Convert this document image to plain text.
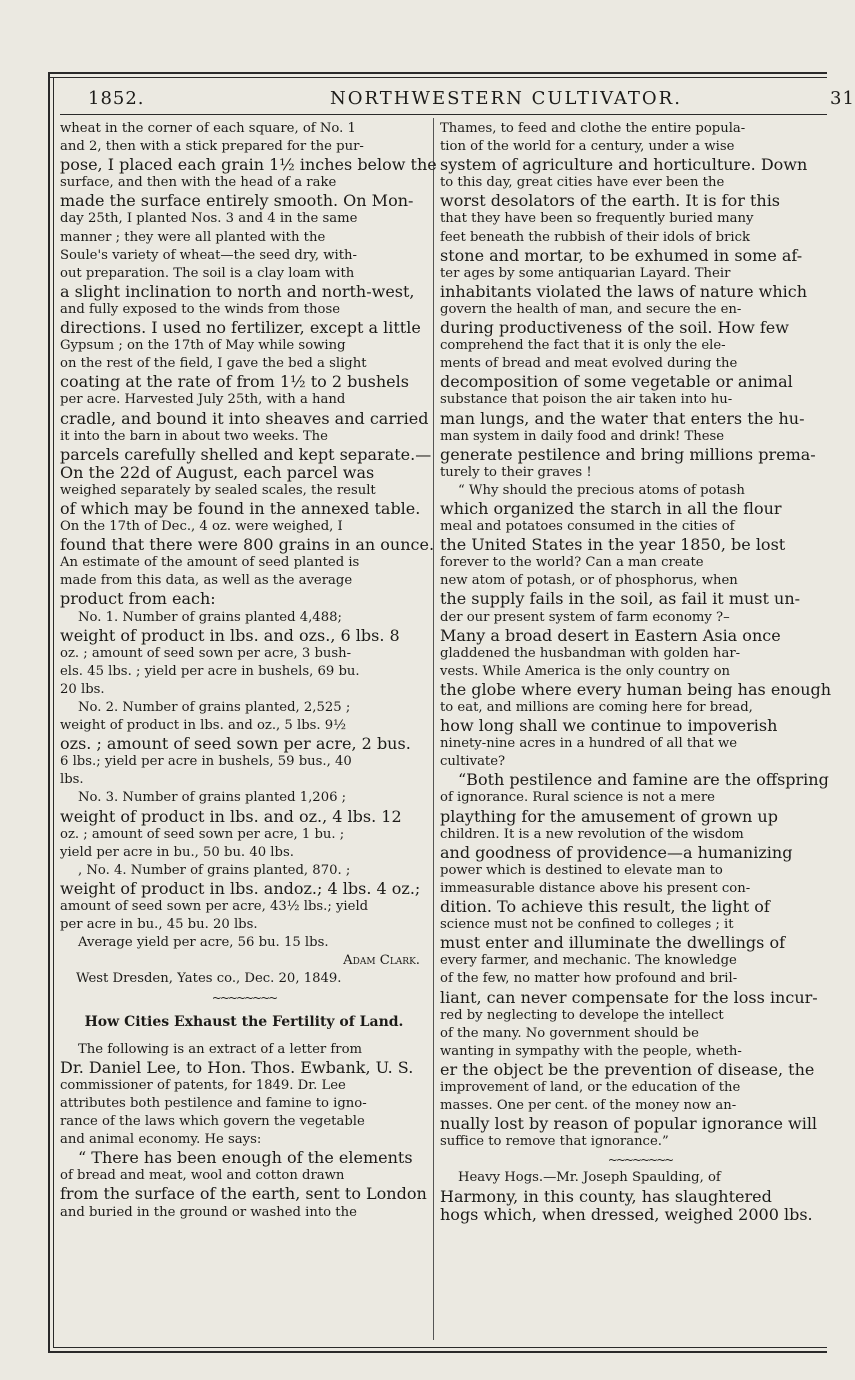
1852.	NORTHWESTERN CULTIVATOR.	31

wheat in the corner of each square, of No. 1

and 2, then with a stick prepared for the pur-

pose, I placed each grain 1½ inches below the

surface, and then with the head of a rake

made the surface entirely smooth. On Mon-

day 25th, I planted Nos. 3 and 4 in the same

manner ; they were all planted with the

Soule's variety of wheat—the seed dry, with-

out preparation. The soil is a clay loam with

a slight inclination to north and north-west,

and fully exposed to the winds from those

directions. I used no fertilizer, except a little

Gypsum ; on the 17th of May while sowing

on the rest of the field, I gave the bed a slight

coating at the rate of from 1½ to 2 bushels

per acre. Harvested July 25th, with a hand

cradle, and bound it into sheaves and carried

it into the barn in about two weeks. The

parcels carefully shelled and kept separate.—

On the 22d of August, each parcel was

weighed separately by sealed scales, the result

of which may be found in the annexed table.

On the 17th of Dec., 4 oz. were weighed, I

found that there were 800 grains in an ounce.

An estimate of the amount of seed planted is

made from this data, as well as the average

product from each:

No. 1. Number of grains planted 4,488;

weight of product in lbs. and ozs., 6 lbs. 8

oz. ; amount of seed sown per acre, 3 bush-

els. 45 lbs. ; yield per acre in bushels, 69 bu.

20 lbs.

No. 2. Number of grains planted, 2,525 ;

weight of product in lbs. and oz., 5 lbs. 9½

ozs. ; amount of seed sown per acre, 2 bus.

6 lbs.; yield per acre in bushels, 59 bus., 40

lbs.

No. 3. Number of grains planted 1,206 ;

weight of product in lbs. and oz., 4 lbs. 12

oz. ; amount of seed sown per acre, 1 bu. ;

yield per acre in bu., 50 bu. 40 lbs.

, No. 4. Number of grains planted, 870. ;

weight of product in lbs. andoz.; 4 lbs. 4 oz.;

amount of seed sown per acre, 43½ lbs.; yield

per acre in bu., 45 bu. 20 lbs.

Average yield per acre, 56 bu. 15 lbs.

Adam Clark.

West Dresden, Yates co., Dec. 20, 1849.

~~~~~~~~

How Cities Exhaust the Fertility of Land.

The following is an extract of a letter from

Dr. Daniel Lee, to Hon. Thos. Ewbank, U. S.

commissioner of patents, for 1849. Dr. Lee

attributes both pestilence and famine to igno-

rance of the laws which govern the vegetable

and animal economy. He says:

“ There has been enough of the elements

of bread and meat, wool and cotton drawn

from the surface of the earth, sent to London

and buried in the ground or washed into the

Thames, to feed and clothe the entire popula-

tion of the world for a century, under a wise

system of agriculture and horticulture. Down

to this day, great cities have ever been the

worst desolators of the earth. It is for this

that they have been so frequently buried many

feet beneath the rubbish of their idols of brick

stone and mortar, to be exhumed in some af-

ter ages by some antiquarian Layard. Their

inhabitants violated the laws of nature which

govern the health of man, and secure the en-

during productiveness of the soil. How few

comprehend the fact that it is only the ele-

ments of bread and meat evolved during the

decomposition of some vegetable or animal

substance that poison the air taken into hu-

man lungs, and the water that enters the hu-

man system in daily food and drink! These

generate pestilence and bring millions prema-

turely to their graves !

“ Why should the precious atoms of potash

which organized the starch in all the flour

meal and potatoes consumed in the cities of

the United States in the year 1850, be lost

forever to the world? Can a man create

new atom of potash, or of phosphorus, when

the supply fails in the soil, as fail it must un-

der our present system of farm economy ?–

Many a broad desert in Eastern Asia once

gladdened the husbandman with golden har-

vests. While America is the only country on

the globe where every human being has enough

to eat, and millions are coming here for bread,

how long shall we continue to impoverish

ninety-nine acres in a hundred of all that we

cultivate?

“Both pestilence and famine are the offspring

of ignorance. Rural science is not a mere

plaything for the amusement of grown up

children. It is a new revolution of the wisdom

and goodness of providence—a humanizing

power which is destined to elevate man to

immeasurable distance above his present con-

dition. To achieve this result, the light of

science must not be confined to colleges ; it

must enter and illuminate the dwellings of

every farmer, and mechanic. The knowledge

of the few, no matter how profound and bril-

liant, can never compensate for the loss incur-

red by neglecting to develope the intellect

of the many. No government should be

wanting in sympathy with the people, wheth-

er the object be the prevention of disease, the

improvement of land, or the education of the

masses. One per cent. of the money now an-

nually lost by reason of popular ignorance will

suffice to remove that ignorance.”

~~~~~~~~

Heavy Hogs.—Mr. Joseph Spaulding, of

Harmony, in this county, has slaughtered

hogs which, when dressed, weighed 2000 lbs.
